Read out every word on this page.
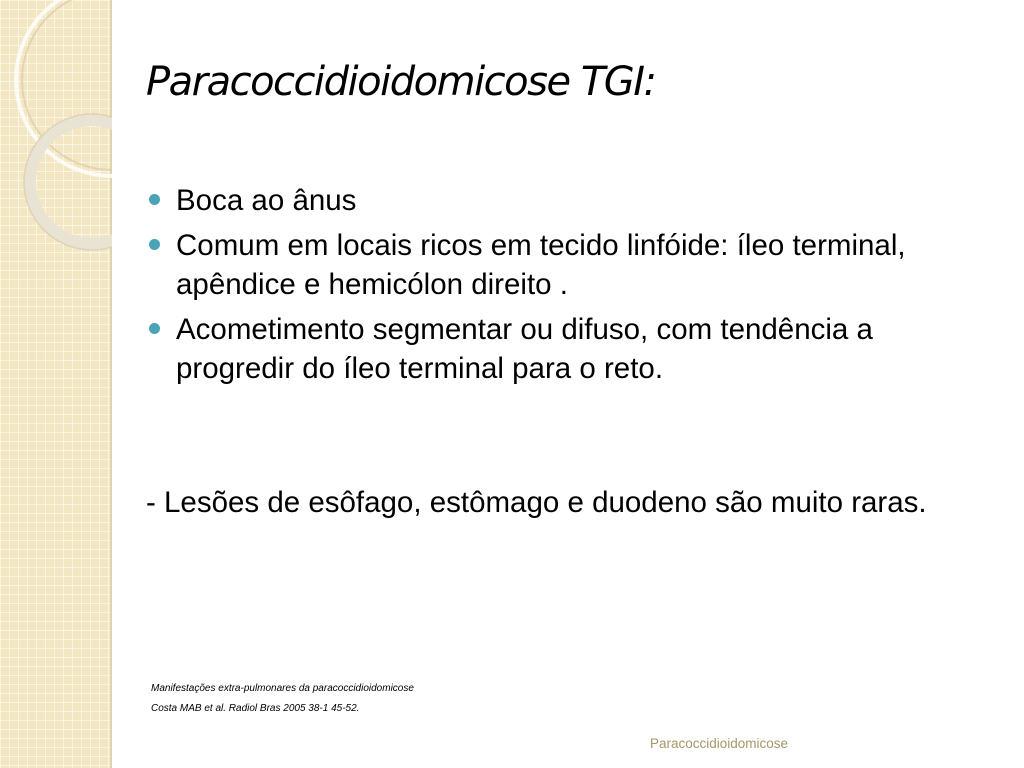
Paracoccidioidomicose TGI:
Boca ao ânus
Comum em locais ricos em tecido linfóide: íleo terminal, apêndice e hemicólon direito .
Acometimento segmentar ou difuso, com tendência a progredir do íleo terminal para o reto.

- Lesões de esôfago, estômago e duodeno são muito raras.

Manifestações extra-pulmonares da paracoccidioidomicose
Costa MAB et al. Radiol Bras 2005 38-1 45-52.
Paracoccidioidomicose
